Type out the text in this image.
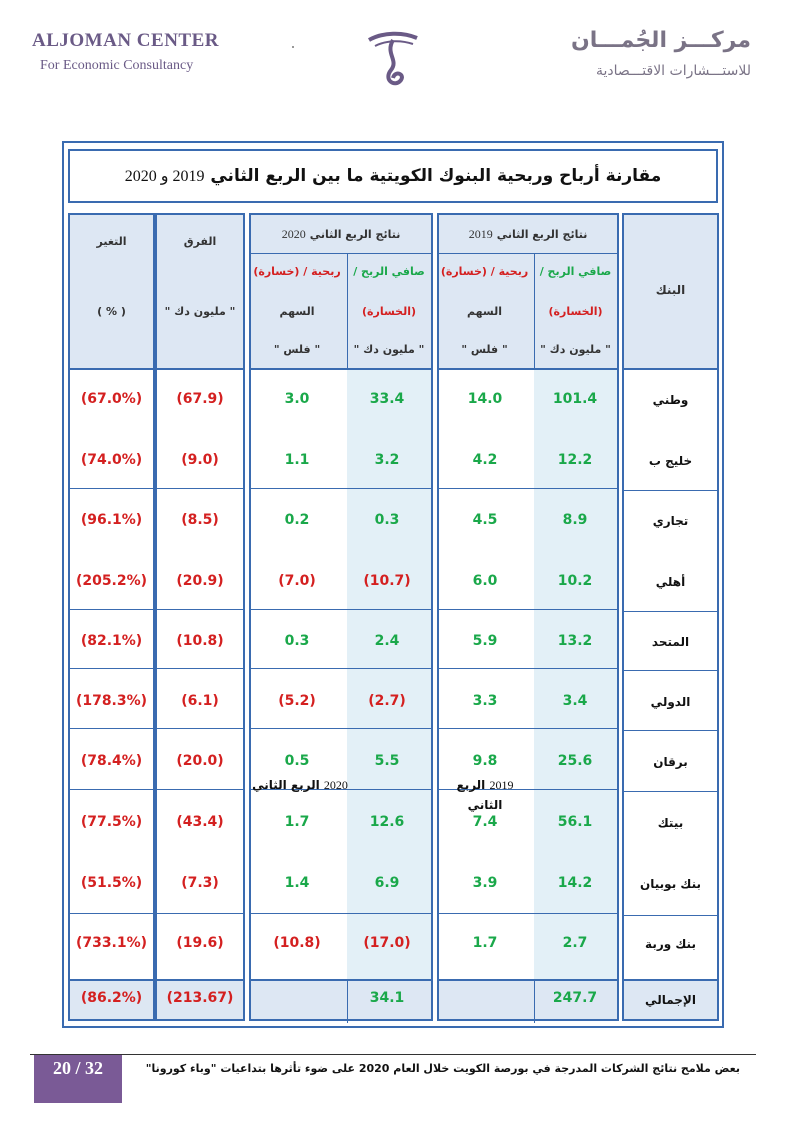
ALJOMAN CENTER
For Economic Consultancy
مركـــز الجُمـــان
للاستـــشارات الاقتـــصادية
مقارنة أرباح وربحية البنوك الكويتية ما بين الربع الثاني

2019 و 2020
البنك
وطني
خليج ب
تجاري
أهلي
المتحد
الدولي
برقان
بيتك
بنك بوبيان
بنك وربة
الإجمالي
نتائج الربع الثاني
2019
صافي الربح /
(الخسارة)
" مليون دك "
ربحية / (خسارة)
السهم
" فلس "
نتائج الربع الثاني
2020
صافي الربح /
(الخسارة)
" مليون دك "
ربحية / (خسارة)
السهم
" فلس "
الفرق
" مليون دك "
التغير
( % )
101.4
14.0
33.4
3.0
(67.9)
(67.0%)
12.2
4.2
3.2
1.1
(9.0)
(74.0%)
8.9
4.5
0.3
0.2
(8.5)
(96.1%)
10.2
6.0
(10.7)
(7.0)
(20.9)
(205.2%)
13.2
5.9
2.4
0.3
(10.8)
(82.1%)
3.4
3.3
(2.7)
(5.2)
(6.1)
(178.3%)
25.6
9.8
5.5
0.5
(20.0)
(78.4%)
56.1
7.4
12.6
1.7
(43.4)
(77.5%)
14.2
3.9
6.9
1.4
(7.3)
(51.5%)
2.7
1.7
(17.0)
(10.8)
(19.6)
(733.1%)
247.7
34.1
(213.67)
(86.2%)
2019 الربع الثاني
2020 الربع الثاني
20 / 32	بعض ملامح نتائج الشركات المدرجة في بورصة الكويت خلال العام 2020 على ضوء تأثرها بتداعيات "وباء كورونا"
